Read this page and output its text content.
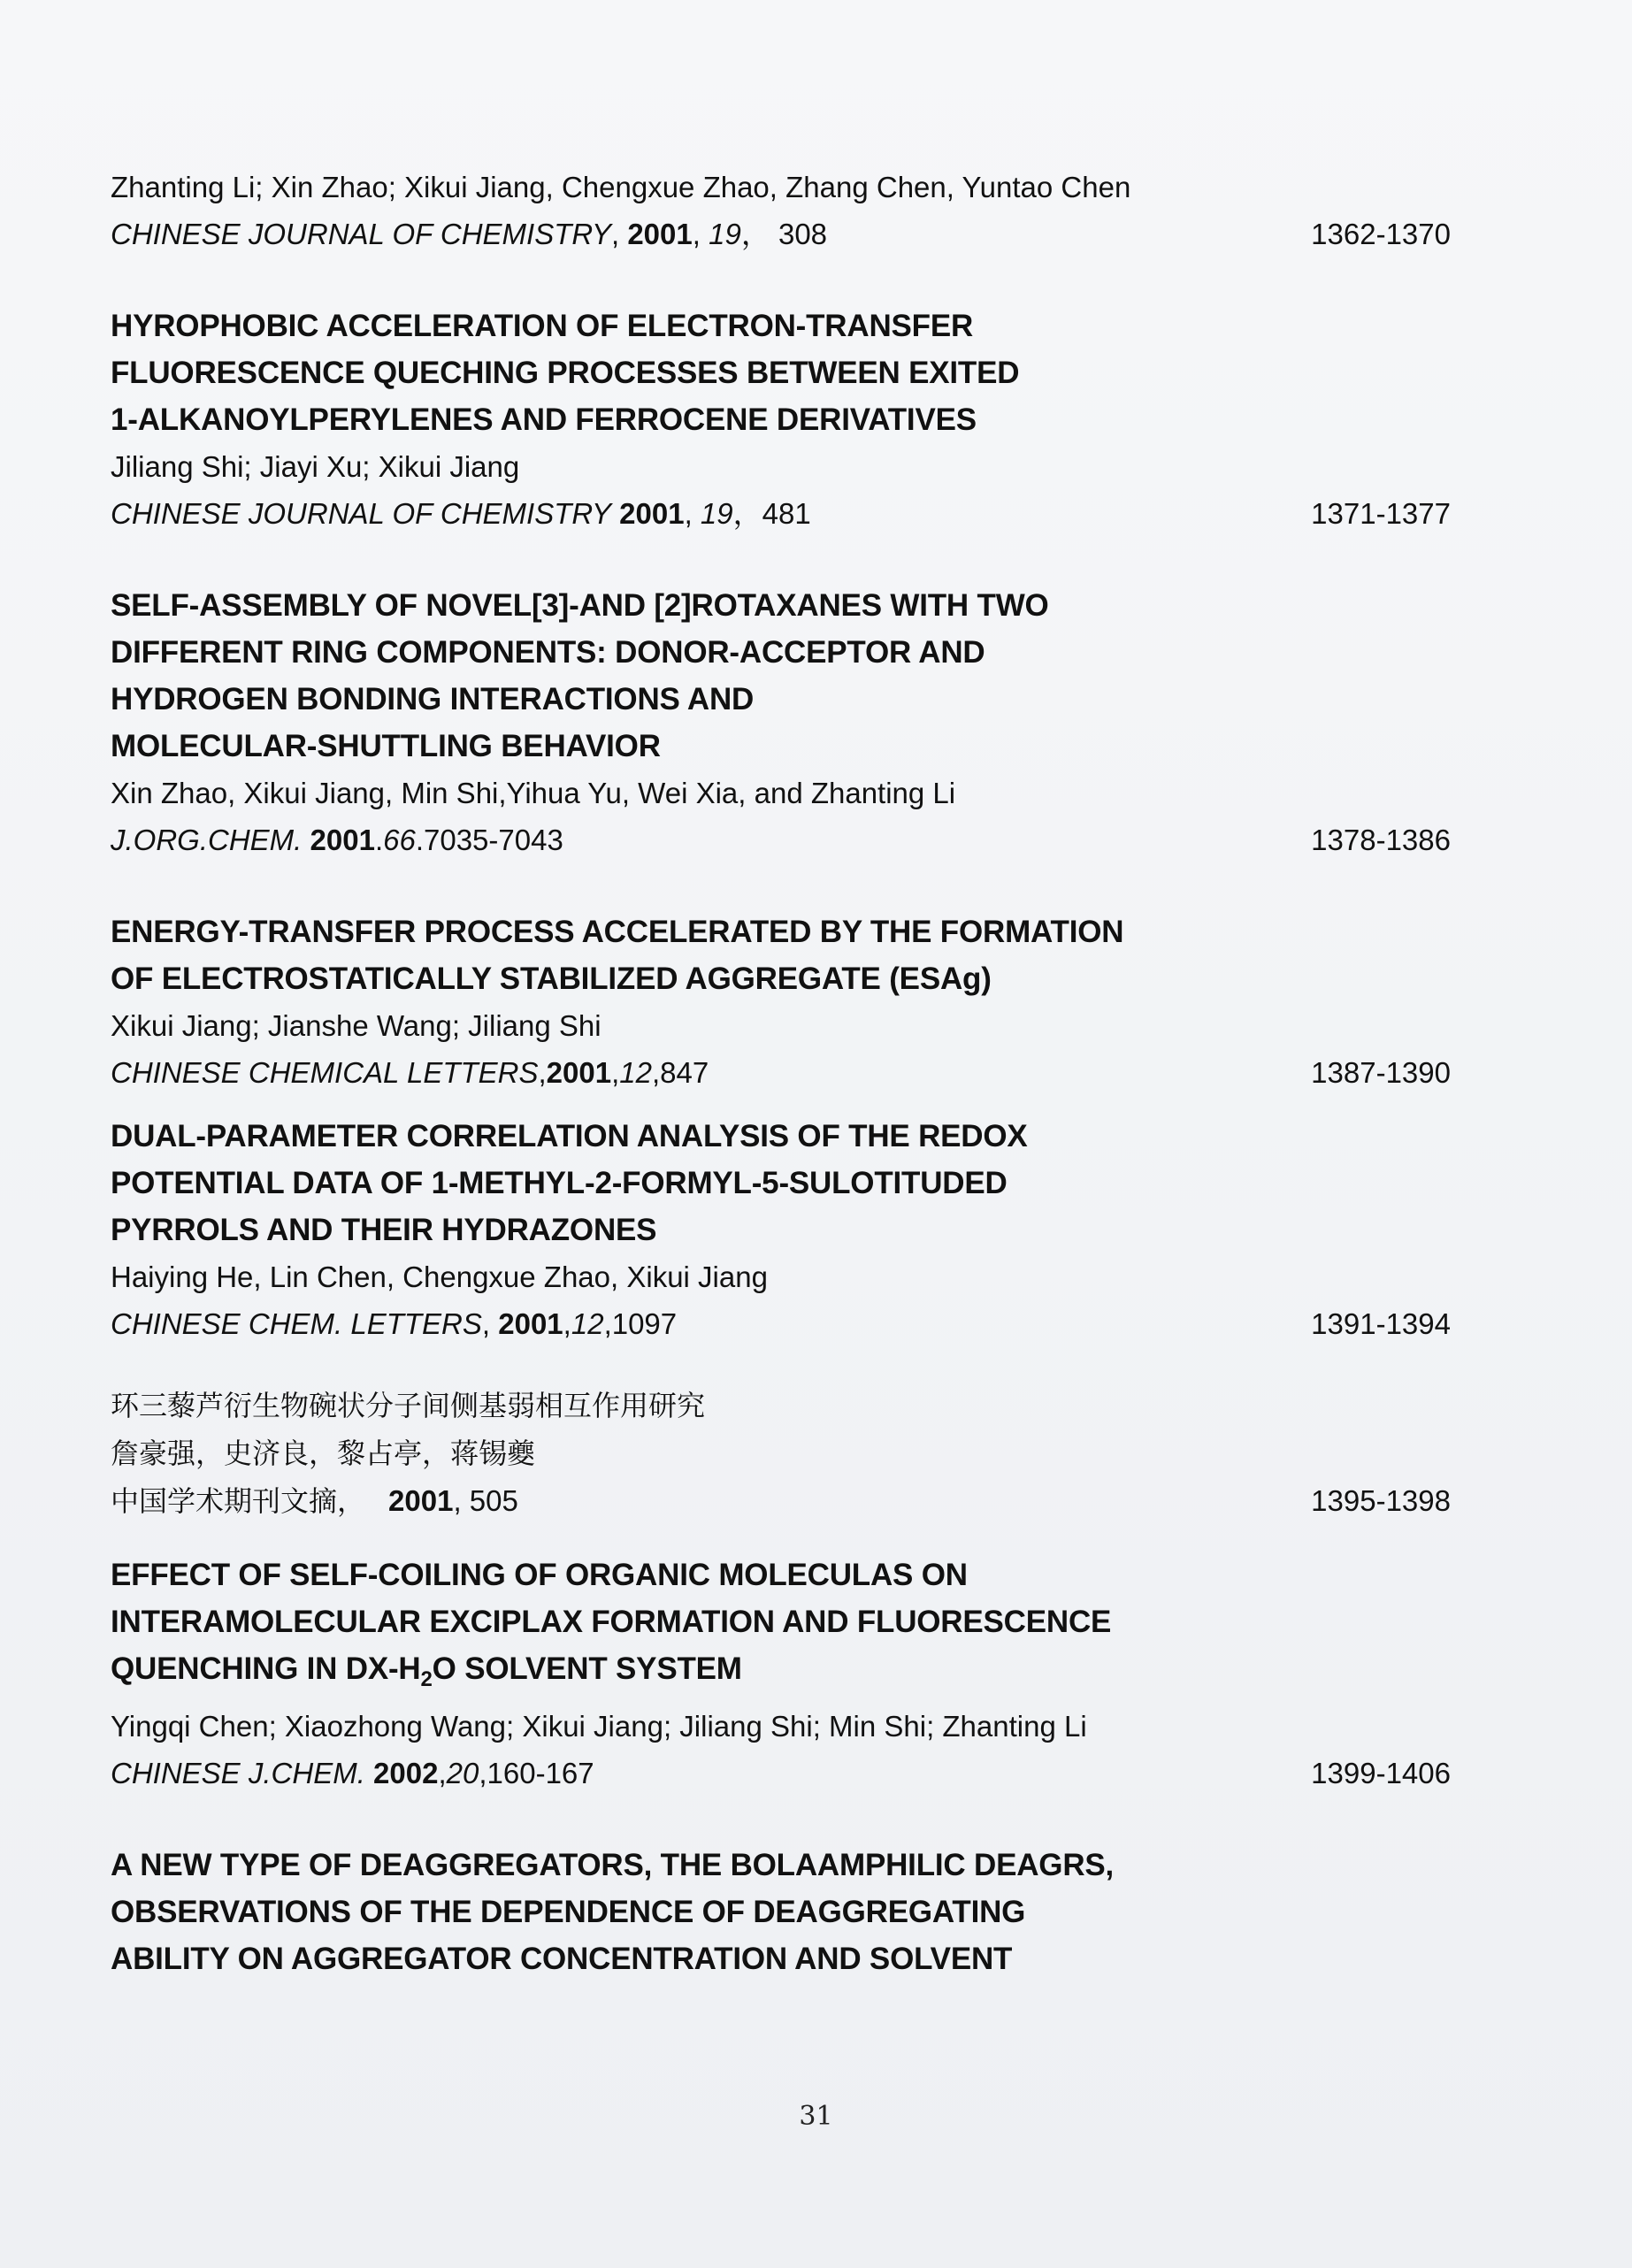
Zhanting Li; Xin Zhao; Xikui Jiang, Chengxue Zhao, Zhang Chen, Yuntao Chen

CHINESE JOURNAL OF CHEMISTRY, 2001, 19， 308	1362-1370

HYROPHOBIC ACCELERATION OF ELECTRON-TRANSFER

FLUORESCENCE QUECHING PROCESSES BETWEEN EXITED

1-ALKANOYLPERYLENES AND FERROCENE DERIVATIVES

Jiliang Shi; Jiayi Xu; Xikui Jiang

CHINESE JOURNAL OF CHEMISTRY 2001, 19，481	1371-1377

SELF-ASSEMBLY OF NOVEL[3]-AND [2]ROTAXANES WITH TWO

DIFFERENT RING COMPONENTS: DONOR-ACCEPTOR AND

HYDROGEN BONDING INTERACTIONS AND

MOLECULAR-SHUTTLING BEHAVIOR

Xin Zhao, Xikui Jiang, Min Shi,Yihua Yu, Wei Xia, and Zhanting Li

J.ORG.CHEM. 2001.66.7035-7043	1378-1386

ENERGY-TRANSFER PROCESS ACCELERATED BY THE FORMATION

OF ELECTROSTATICALLY STABILIZED AGGREGATE (ESAg)

Xikui Jiang; Jianshe Wang; Jiliang Shi

CHINESE CHEMICAL LETTERS,2001,12,847	1387-1390

DUAL-PARAMETER CORRELATION ANALYSIS OF THE REDOX

POTENTIAL DATA OF 1-METHYL-2-FORMYL-5-SULOTITUDED

PYRROLS AND THEIR HYDRAZONES

Haiying He, Lin Chen, Chengxue Zhao, Xikui Jiang

CHINESE CHEM. LETTERS, 2001,12,1097	1391-1394

环三藜芦衍生物碗状分子间侧基弱相互作用研究

詹豪强，史济良，黎占亭，蒋锡夔

中国学术期刊文摘， 2001, 505	1395-1398

EFFECT OF SELF-COILING OF ORGANIC MOLECULAS ON

INTERAMOLECULAR EXCIPLAX FORMATION AND FLUORESCENCE

QUENCHING IN $DX-H_2O$ SOLVENT SYSTEM

Yingqi Chen; Xiaozhong Wang; Xikui Jiang; Jiliang Shi; Min Shi; Zhanting Li

CHINESE J.CHEM. 2002,20,160-167	1399-1406

A NEW TYPE OF DEAGGREGATORS, THE BOLAAMPHILIC DEAGRS,

OBSERVATIONS OF THE DEPENDENCE OF DEAGGREGATING

ABILITY ON AGGREGATOR CONCENTRATION AND SOLVENT

31
